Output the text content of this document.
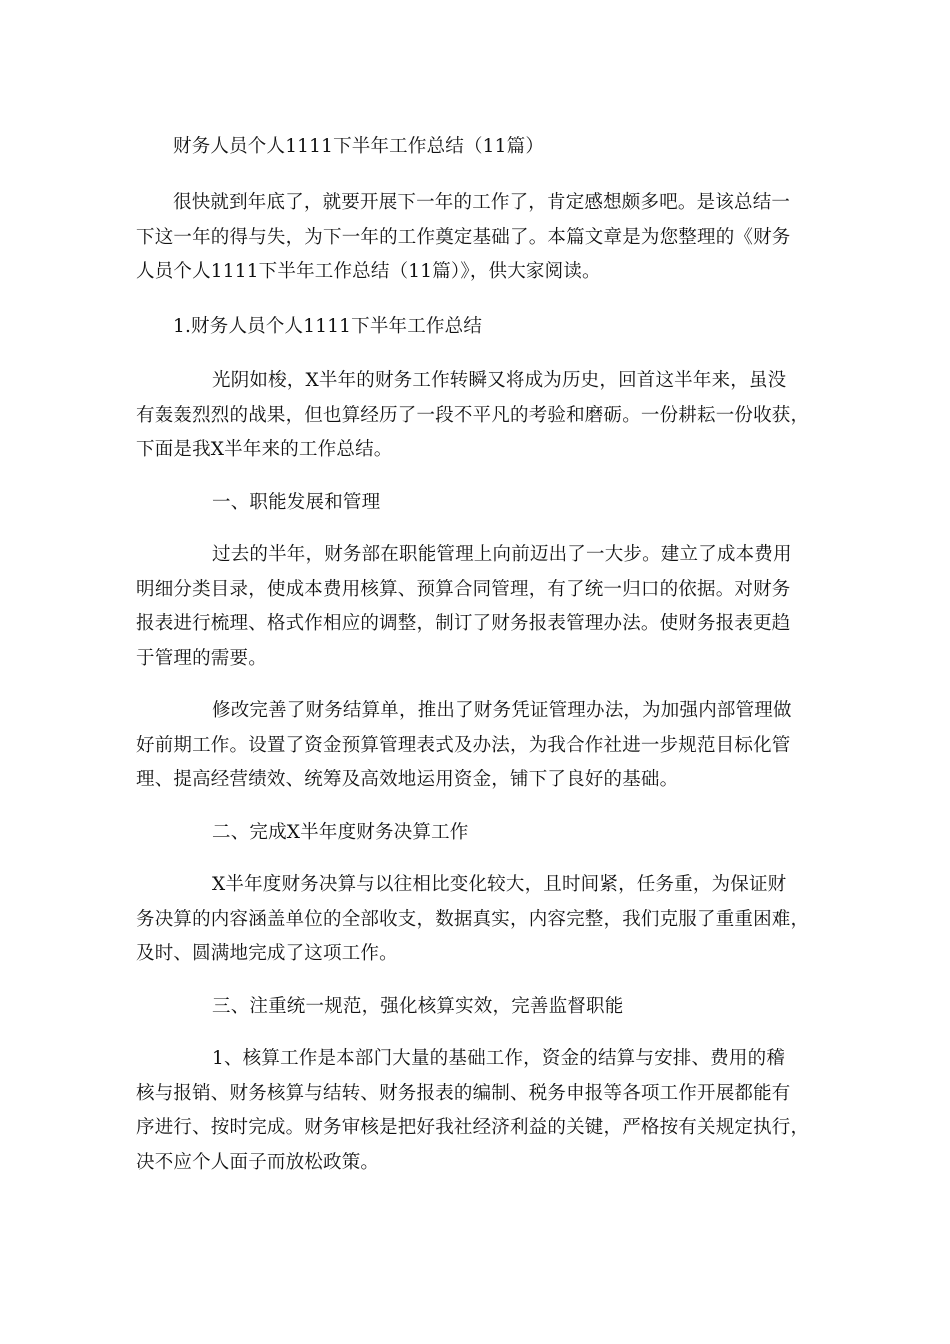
财务人员个人1111下半年工作总结（11篇）
很快就到年底了，就要开展下一年的工作了，肯定感想颇多吧。是该总结一
下这一年的得与失，为下一年的工作奠定基础了。本篇文章是为您整理的《财务
人员个人1111下半年工作总结（11篇）》，供大家阅读。
1.财务人员个人1111下半年工作总结
光阴如梭，X半年的财务工作转瞬又将成为历史，回首这半年来，虽没
有轰轰烈烈的战果，但也算经历了一段不平凡的考验和磨砺。一份耕耘一份收获，
下面是我X半年来的工作总结。
一、职能发展和管理
过去的半年，财务部在职能管理上向前迈出了一大步。建立了成本费用
明细分类目录，使成本费用核算、预算合同管理，有了统一归口的依据。对财务
报表进行梳理、格式作相应的调整，制订了财务报表管理办法。使财务报表更趋
于管理的需要。
修改完善了财务结算单，推出了财务凭证管理办法，为加强内部管理做
好前期工作。设置了资金预算管理表式及办法，为我合作社进一步规范目标化管
理、提高经营绩效、统筹及高效地运用资金，铺下了良好的基础。
二、完成X半年度财务决算工作
X半年度财务决算与以往相比变化较大，且时间紧，任务重，为保证财
务决算的内容涵盖单位的全部收支，数据真实，内容完整，我们克服了重重困难，
及时、圆满地完成了这项工作。
三、注重统一规范，强化核算实效，完善监督职能
1、核算工作是本部门大量的基础工作，资金的结算与安排、费用的稽
核与报销、财务核算与结转、财务报表的编制、税务申报等各项工作开展都能有
序进行、按时完成。财务审核是把好我社经济利益的关键，严格按有关规定执行，
决不应个人面子而放松政策。
